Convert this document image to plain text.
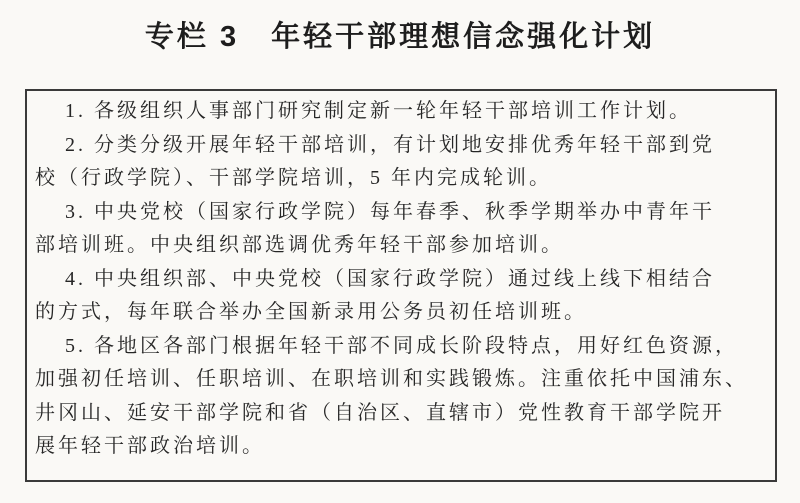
专栏 3　年轻干部理想信念强化计划
1. 各级组织人事部门研究制定新一轮年轻干部培训工作计划。
2. 分类分级开展年轻干部培训，有计划地安排优秀年轻干部到党
校（行政学院）、干部学院培训，5 年内完成轮训。
3. 中央党校（国家行政学院）每年春季、秋季学期举办中青年干
部培训班。中央组织部选调优秀年轻干部参加培训。
4. 中央组织部、中央党校（国家行政学院）通过线上线下相结合
的方式，每年联合举办全国新录用公务员初任培训班。
5. 各地区各部门根据年轻干部不同成长阶段特点，用好红色资源，
加强初任培训、任职培训、在职培训和实践锻炼。注重依托中国浦东、
井冈山、延安干部学院和省（自治区、直辖市）党性教育干部学院开
展年轻干部政治培训。
